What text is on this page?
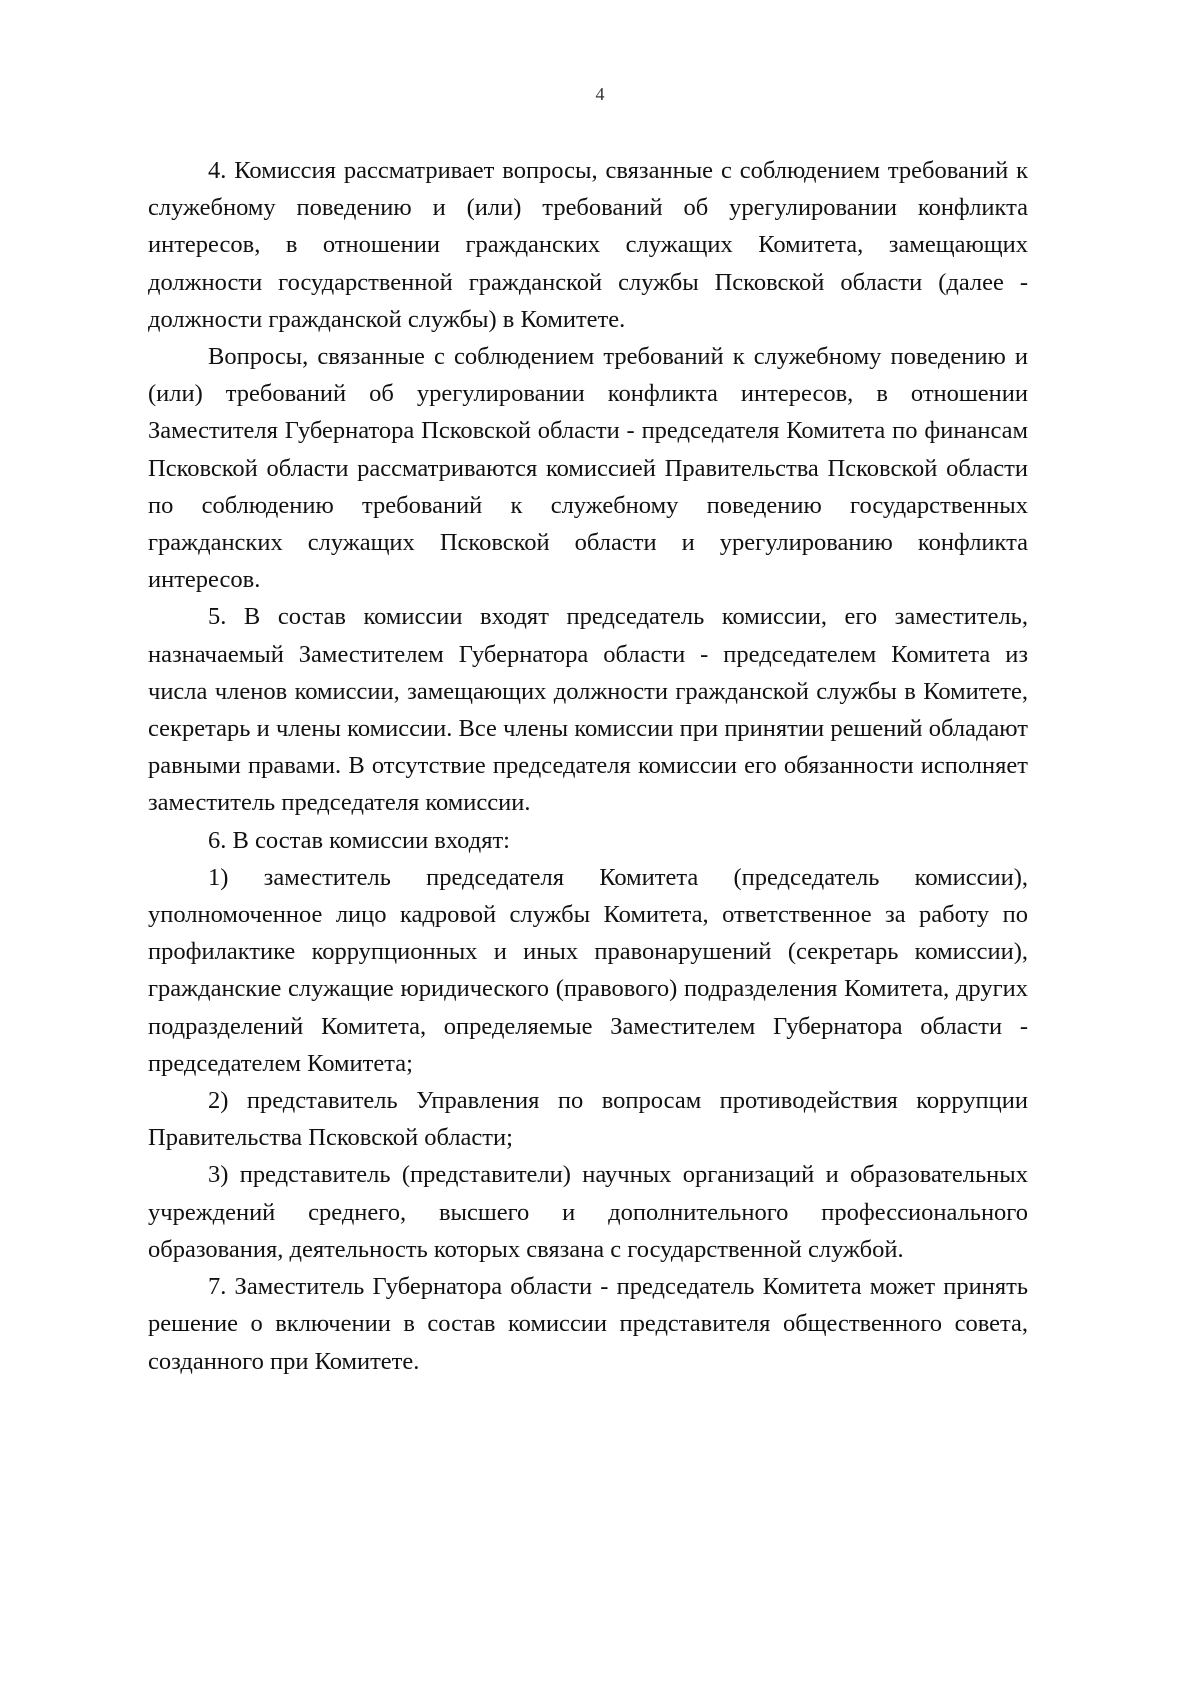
4

4. Комиссия рассматривает вопросы, связанные с соблюдением требований к служебному поведению и (или) требований об урегулировании конфликта интересов, в отношении гражданских служащих Комитета, замещающих должности государственной гражданской службы Псковской области (далее - должности гражданской службы) в Комитете.

Вопросы, связанные с соблюдением требований к служебному поведению и (или) требований об урегулировании конфликта интересов, в отношении Заместителя Губернатора Псковской области - председателя Комитета по финансам Псковской области рассматриваются комиссией Правительства Псковской области по соблюдению требований к служебному поведению государственных гражданских служащих Псковской области и урегулированию конфликта интересов.

5. В состав комиссии входят председатель комиссии, его заместитель, назначаемый Заместителем Губернатора области - председателем Комитета из числа членов комиссии, замещающих должности гражданской службы в Комитете, секретарь и члены комиссии. Все члены комиссии при принятии решений обладают равными правами. В отсутствие председателя комиссии его обязанности исполняет заместитель председателя комиссии.

6. В состав комиссии входят:

1) заместитель председателя Комитета (председатель комиссии), уполномоченное лицо кадровой службы Комитета, ответственное за работу по профилактике коррупционных и иных правонарушений (секретарь комиссии), гражданские служащие юридического (правового) подразделения Комитета, других подразделений Комитета, определяемые Заместителем Губернатора области - председателем Комитета;

2) представитель Управления по вопросам противодействия коррупции Правительства Псковской области;

3) представитель (представители) научных организаций и образовательных учреждений среднего, высшего и дополнительного профессионального образования, деятельность которых связана с государственной службой.

7. Заместитель Губернатора области - председатель Комитета может принять решение о включении в состав комиссии представителя общественного совета, созданного при Комитете.
